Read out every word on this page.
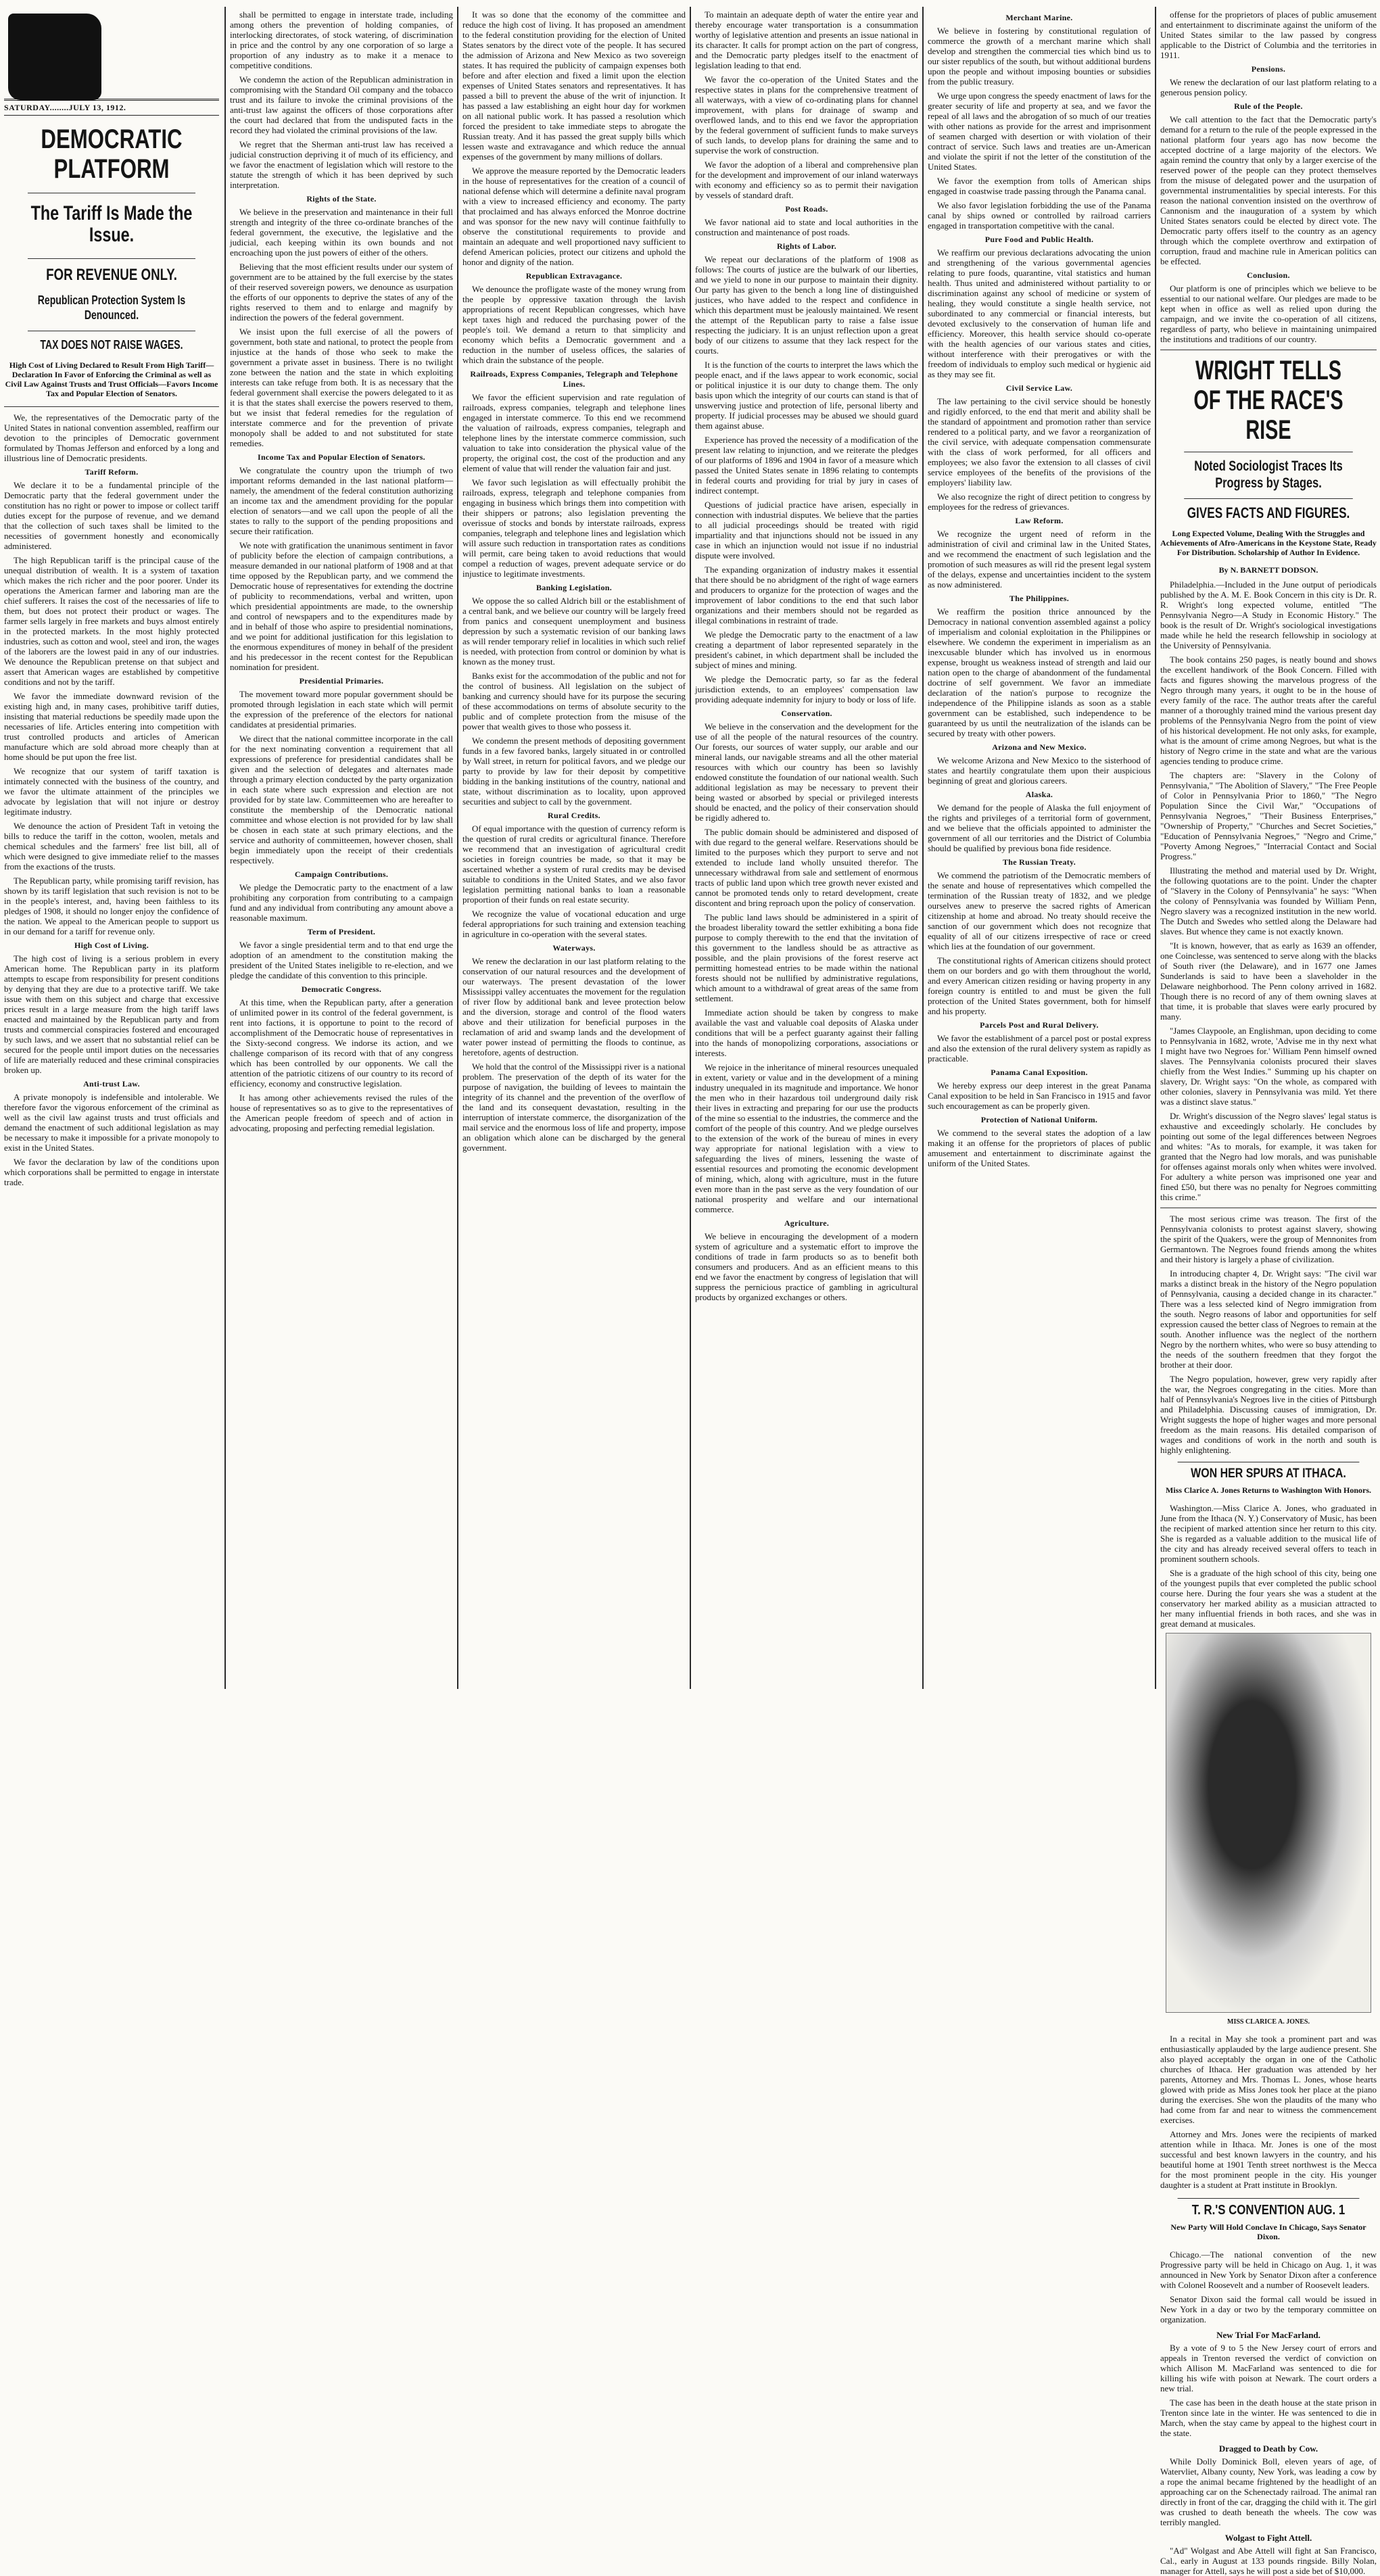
SATURDAY........JULY 13, 1912.

DEMOCRATIC
PLATFORM
The Tariff Is Made the Issue.
FOR REVENUE ONLY.
Republican Protection System Is Denounced.
TAX DOES NOT RAISE WAGES.

High Cost of Living Declared to Result From High Tariff—Declaration In Favor of Enforcing the Criminal as well as Civil Law Against Trusts and Trust Officials—Favors Income Tax and Popular Election of Senators.

We, the representatives of the Democratic party of the United States in national convention assembled, reaffirm our devotion to the principles of Democratic government formulated by Thomas Jefferson and enforced by a long and illustrious line of Democratic presidents.

Tariff Reform.

We declare it to be a fundamental principle of the Democratic party that the federal government under the constitution has no right or power to impose or collect tariff duties except for the purpose of revenue, and we demand that the collection of such taxes shall be limited to the necessities of government honestly and economically administered.

The high Republican tariff is the principal cause of the unequal distribution of wealth. It is a system of taxation which makes the rich richer and the poor poorer. Under its operations the American farmer and laboring man are the chief sufferers. It raises the cost of the necessaries of life to them, but does not protect their product or wages. The farmer sells largely in free markets and buys almost entirely in the protected markets. In the most highly protected industries, such as cotton and wool, steel and iron, the wages of the laborers are the lowest paid in any of our industries. We denounce the Republican pretense on that subject and assert that American wages are established by competitive conditions and not by the tariff.

We favor the immediate downward revision of the existing high and, in many cases, prohibitive tariff duties, insisting that material reductions be speedily made upon the necessaries of life. Articles entering into competition with trust controlled products and articles of American manufacture which are sold abroad more cheaply than at home should be put upon the free list.

We recognize that our system of tariff taxation is intimately connected with the business of the country, and we favor the ultimate attainment of the principles we advocate by legislation that will not injure or destroy legitimate industry.

We denounce the action of President Taft in vetoing the bills to reduce the tariff in the cotton, woolen, metals and chemical schedules and the farmers' free list bill, all of which were designed to give immediate relief to the masses from the exactions of the trusts.

The Republican party, while promising tariff revision, has shown by its tariff legislation that such revision is not to be in the people's interest, and, having been faithless to its pledges of 1908, it should no longer enjoy the confidence of the nation. We appeal to the American people to support us in our demand for a tariff for revenue only.

High Cost of Living.

The high cost of living is a serious problem in every American home. The Republican party in its platform attempts to escape from responsibility for present conditions by denying that they are due to a protective tariff. We take issue with them on this subject and charge that excessive prices result in a large measure from the high tariff laws enacted and maintained by the Republican party and from trusts and commercial conspiracies fostered and encouraged by such laws, and we assert that no substantial relief can be secured for the people until import duties on the necessaries of life are materially reduced and these criminal conspiracies broken up.

Anti-trust Law.

A private monopoly is indefensible and intolerable. We therefore favor the vigorous enforcement of the criminal as well as the civil law against trusts and trust officials and demand the enactment of such additional legislation as may be necessary to make it impossible for a private monopoly to exist in the United States.

We favor the declaration by law of the conditions upon which corporations shall be permitted to engage in interstate trade.

shall be permitted to engage in interstate trade, including among others the prevention of holding companies, of interlocking directorates, of stock watering, of discrimination in price and the control by any one corporation of so large a proportion of any industry as to make it a menace to competitive conditions.

We condemn the action of the Republican administration in compromising with the Standard Oil company and the tobacco trust and its failure to invoke the criminal provisions of the anti-trust law against the officers of those corporations after the court had declared that from the undisputed facts in the record they had violated the criminal provisions of the law.

We regret that the Sherman anti-trust law has received a judicial construction depriving it of much of its efficiency, and we favor the enactment of legislation which will restore to the statute the strength of which it has been deprived by such interpretation.

Rights of the State.

We believe in the preservation and maintenance in their full strength and integrity of the three co-ordinate branches of the federal government, the executive, the legislative and the judicial, each keeping within its own bounds and not encroaching upon the just powers of either of the others.

Believing that the most efficient results under our system of government are to be attained by the full exercise by the states of their reserved sovereign powers, we denounce as usurpation the efforts of our opponents to deprive the states of any of the rights reserved to them and to enlarge and magnify by indirection the powers of the federal government.

We insist upon the full exercise of all the powers of government, both state and national, to protect the people from injustice at the hands of those who seek to make the government a private asset in business. There is no twilight zone between the nation and the state in which exploiting interests can take refuge from both. It is as necessary that the federal government shall exercise the powers delegated to it as it is that the states shall exercise the powers reserved to them, but we insist that federal remedies for the regulation of interstate commerce and for the prevention of private monopoly shall be added to and not substituted for state remedies.

Income Tax and Popular Election of Senators.

We congratulate the country upon the triumph of two important reforms demanded in the last national platform—namely, the amendment of the federal constitution authorizing an income tax and the amendment providing for the popular election of senators—and we call upon the people of all the states to rally to the support of the pending propositions and secure their ratification.

We note with gratification the unanimous sentiment in favor of publicity before the election of campaign contributions, a measure demanded in our national platform of 1908 and at that time opposed by the Republican party, and we commend the Democratic house of representatives for extending the doctrine of publicity to recommendations, verbal and written, upon which presidential appointments are made, to the ownership and control of newspapers and to the expenditures made by and in behalf of those who aspire to presidential nominations, and we point for additional justification for this legislation to the enormous expenditures of money in behalf of the president and his predecessor in the recent contest for the Republican nomination for president.

Presidential Primaries.

The movement toward more popular government should be promoted through legislation in each state which will permit the expression of the preference of the electors for national candidates at presidential primaries.

We direct that the national committee incorporate in the call for the next nominating convention a requirement that all expressions of preference for presidential candidates shall be given and the selection of delegates and alternates made through a primary election conducted by the party organization in each state where such expression and election are not provided for by state law. Committeemen who are hereafter to constitute the membership of the Democratic national committee and whose election is not provided for by law shall be chosen in each state at such primary elections, and the service and authority of committeemen, however chosen, shall begin immediately upon the receipt of their credentials respectively.

Campaign Contributions.

We pledge the Democratic party to the enactment of a law prohibiting any corporation from contributing to a campaign fund and any individual from contributing any amount above a reasonable maximum.

Term of President.

We favor a single presidential term and to that end urge the adoption of an amendment to the constitution making the president of the United States ineligible to re-election, and we pledge the candidate of this convention to this principle.

Democratic Congress.

At this time, when the Republican party, after a generation of unlimited power in its control of the federal government, is rent into factions, it is opportune to point to the record of accomplishment of the Democratic house of representatives in the Sixty-second congress. We indorse its action, and we challenge comparison of its record with that of any congress which has been controlled by our opponents. We call the attention of the patriotic citizens of our country to its record of efficiency, economy and constructive legislation.

It has among other achievements revised the rules of the house of representatives so as to give to the representatives of the American people freedom of speech and of action in advocating, proposing and perfecting remedial legislation.

It was so done that the economy of the committee and reduce the high cost of living. It has proposed an amendment to the federal constitution providing for the election of United States senators by the direct vote of the people. It has secured the admission of Arizona and New Mexico as two sovereign states. It has required the publicity of campaign expenses both before and after election and fixed a limit upon the election expenses of United States senators and representatives. It has passed a bill to prevent the abuse of the writ of injunction. It has passed a law establishing an eight hour day for workmen on all national public work. It has passed a resolution which forced the president to take immediate steps to abrogate the Russian treaty. And it has passed the great supply bills which lessen waste and extravagance and which reduce the annual expenses of the government by many millions of dollars.

We approve the measure reported by the Democratic leaders in the house of representatives for the creation of a council of national defense which will determine a definite naval program with a view to increased efficiency and economy. The party that proclaimed and has always enforced the Monroe doctrine and was sponsor for the new navy will continue faithfully to observe the constitutional requirements to provide and maintain an adequate and well proportioned navy sufficient to defend American policies, protect our citizens and uphold the honor and dignity of the nation.

Republican Extravagance.

We denounce the profligate waste of the money wrung from the people by oppressive taxation through the lavish appropriations of recent Republican congresses, which have kept taxes high and reduced the purchasing power of the people's toil. We demand a return to that simplicity and economy which befits a Democratic government and a reduction in the number of useless offices, the salaries of which drain the substance of the people.

Railroads, Express Companies, Telegraph and Telephone Lines.

We favor the efficient supervision and rate regulation of railroads, express companies, telegraph and telephone lines engaged in interstate commerce. To this end we recommend the valuation of railroads, express companies, telegraph and telephone lines by the interstate commerce commission, such valuation to take into consideration the physical value of the property, the original cost, the cost of the production and any element of value that will render the valuation fair and just.

We favor such legislation as will effectually prohibit the railroads, express, telegraph and telephone companies from engaging in business which brings them into competition with their shippers or patrons; also legislation preventing the overissue of stocks and bonds by interstate railroads, express companies, telegraph and telephone lines and legislation which will assure such reduction in transportation rates as conditions will permit, care being taken to avoid reductions that would compel a reduction of wages, prevent adequate service or do injustice to legitimate investments.

Banking Legislation.

We oppose the so called Aldrich bill or the establishment of a central bank, and we believe our country will be largely freed from panics and consequent unemployment and business depression by such a systematic revision of our banking laws as will render temporary relief in localities in which such relief is needed, with protection from control or dominion by what is known as the money trust.

Banks exist for the accommodation of the public and not for the control of business. All legislation on the subject of banking and currency should have for its purpose the securing of these accommodations on terms of absolute security to the public and of complete protection from the misuse of the power that wealth gives to those who possess it.

We condemn the present methods of depositing government funds in a few favored banks, largely situated in or controlled by Wall street, in return for political favors, and we pledge our party to provide by law for their deposit by competitive bidding in the banking institutions of the country, national and state, without discrimination as to locality, upon approved securities and subject to call by the government.

Rural Credits.

Of equal importance with the question of currency reform is the question of rural credits or agricultural finance. Therefore we recommend that an investigation of agricultural credit societies in foreign countries be made, so that it may be ascertained whether a system of rural credits may be devised suitable to conditions in the United States, and we also favor legislation permitting national banks to loan a reasonable proportion of their funds on real estate security.

We recognize the value of vocational education and urge federal appropriations for such training and extension teaching in agriculture in co-operation with the several states.

Waterways.

We renew the declaration in our last platform relating to the conservation of our natural resources and the development of our waterways. The present devastation of the lower Mississippi valley accentuates the movement for the regulation of river flow by additional bank and levee protection below and the diversion, storage and control of the flood waters above and their utilization for beneficial purposes in the reclamation of arid and swamp lands and the development of water power instead of permitting the floods to continue, as heretofore, agents of destruction.

We hold that the control of the Mississippi river is a national problem. The preservation of the depth of its water for the purpose of navigation, the building of levees to maintain the integrity of its channel and the prevention of the overflow of the land and its consequent devastation, resulting in the interruption of interstate commerce, the disorganization of the mail service and the enormous loss of life and property, impose an obligation which alone can be discharged by the general government.

To maintain an adequate depth of water the entire year and thereby encourage water transportation is a consummation worthy of legislative attention and presents an issue national in its character. It calls for prompt action on the part of congress, and the Democratic party pledges itself to the enactment of legislation leading to that end.

We favor the co-operation of the United States and the respective states in plans for the comprehensive treatment of all waterways, with a view of co-ordinating plans for channel improvement, with plans for drainage of swamp and overflowed lands, and to this end we favor the appropriation by the federal government of sufficient funds to make surveys of such lands, to develop plans for draining the same and to supervise the work of construction.

We favor the adoption of a liberal and comprehensive plan for the development and improvement of our inland waterways with economy and efficiency so as to permit their navigation by vessels of standard draft.

Post Roads.

We favor national aid to state and local authorities in the construction and maintenance of post roads.

Rights of Labor.

We repeat our declarations of the platform of 1908 as follows: The courts of justice are the bulwark of our liberties, and we yield to none in our purpose to maintain their dignity. Our party has given to the bench a long line of distinguished justices, who have added to the respect and confidence in which this department must be jealously maintained. We resent the attempt of the Republican party to raise a false issue respecting the judiciary. It is an unjust reflection upon a great body of our citizens to assume that they lack respect for the courts.

It is the function of the courts to interpret the laws which the people enact, and if the laws appear to work economic, social or political injustice it is our duty to change them. The only basis upon which the integrity of our courts can stand is that of unswerving justice and protection of life, personal liberty and property. If judicial processes may be abused we should guard them against abuse.

Experience has proved the necessity of a modification of the present law relating to injunction, and we reiterate the pledges of our platforms of 1896 and 1904 in favor of a measure which passed the United States senate in 1896 relating to contempts in federal courts and providing for trial by jury in cases of indirect contempt.

Questions of judicial practice have arisen, especially in connection with industrial disputes. We believe that the parties to all judicial proceedings should be treated with rigid impartiality and that injunctions should not be issued in any case in which an injunction would not issue if no industrial dispute were involved.

The expanding organization of industry makes it essential that there should be no abridgment of the right of wage earners and producers to organize for the protection of wages and the improvement of labor conditions to the end that such labor organizations and their members should not be regarded as illegal combinations in restraint of trade.

We pledge the Democratic party to the enactment of a law creating a department of labor represented separately in the president's cabinet, in which department shall be included the subject of mines and mining.

We pledge the Democratic party, so far as the federal jurisdiction extends, to an employees' compensation law providing adequate indemnity for injury to body or loss of life.

Conservation.

We believe in the conservation and the development for the use of all the people of the natural resources of the country. Our forests, our sources of water supply, our arable and our mineral lands, our navigable streams and all the other material resources with which our country has been so lavishly endowed constitute the foundation of our national wealth. Such additional legislation as may be necessary to prevent their being wasted or absorbed by special or privileged interests should be enacted, and the policy of their conservation should be rigidly adhered to.

The public domain should be administered and disposed of with due regard to the general welfare. Reservations should be limited to the purposes which they purport to serve and not extended to include land wholly unsuited therefor. The unnecessary withdrawal from sale and settlement of enormous tracts of public land upon which tree growth never existed and cannot be promoted tends only to retard development, create discontent and bring reproach upon the policy of conservation.

The public land laws should be administered in a spirit of the broadest liberality toward the settler exhibiting a bona fide purpose to comply therewith to the end that the invitation of this government to the landless should be as attractive as possible, and the plain provisions of the forest reserve act permitting homestead entries to be made within the national forests should not be nullified by administrative regulations, which amount to a withdrawal of great areas of the same from settlement.

Immediate action should be taken by congress to make available the vast and valuable coal deposits of Alaska under conditions that will be a perfect guaranty against their falling into the hands of monopolizing corporations, associations or interests.

We rejoice in the inheritance of mineral resources unequaled in extent, variety or value and in the development of a mining industry unequaled in its magnitude and importance. We honor the men who in their hazardous toil underground daily risk their lives in extracting and preparing for our use the products of the mine so essential to the industries, the commerce and the comfort of the people of this country. And we pledge ourselves to the extension of the work of the bureau of mines in every way appropriate for national legislation with a view to safeguarding the lives of miners, lessening the waste of essential resources and promoting the economic development of mining, which, along with agriculture, must in the future even more than in the past serve as the very foundation of our national prosperity and welfare and our international commerce.

Agriculture.

We believe in encouraging the development of a modern system of agriculture and a systematic effort to improve the conditions of trade in farm products so as to benefit both consumers and producers. And as an efficient means to this end we favor the enactment by congress of legislation that will suppress the pernicious practice of gambling in agricultural products by organized exchanges or others.

Merchant Marine.

We believe in fostering by constitutional regulation of commerce the growth of a merchant marine which shall develop and strengthen the commercial ties which bind us to our sister republics of the south, but without additional burdens upon the people and without imposing bounties or subsidies from the public treasury.

We urge upon congress the speedy enactment of laws for the greater security of life and property at sea, and we favor the repeal of all laws and the abrogation of so much of our treaties with other nations as provide for the arrest and imprisonment of seamen charged with desertion or with violation of their contract of service. Such laws and treaties are un-American and violate the spirit if not the letter of the constitution of the United States.

We favor the exemption from tolls of American ships engaged in coastwise trade passing through the Panama canal.

We also favor legislation forbidding the use of the Panama canal by ships owned or controlled by railroad carriers engaged in transportation competitive with the canal.

Pure Food and Public Health.

We reaffirm our previous declarations advocating the union and strengthening of the various governmental agencies relating to pure foods, quarantine, vital statistics and human health. Thus united and administered without partiality to or discrimination against any school of medicine or system of healing, they would constitute a single health service, not subordinated to any commercial or financial interests, but devoted exclusively to the conservation of human life and efficiency. Moreover, this health service should co-operate with the health agencies of our various states and cities, without interference with their prerogatives or with the freedom of individuals to employ such medical or hygienic aid as they may see fit.

Civil Service Law.

The law pertaining to the civil service should be honestly and rigidly enforced, to the end that merit and ability shall be the standard of appointment and promotion rather than service rendered to a political party, and we favor a reorganization of the civil service, with adequate compensation commensurate with the class of work performed, for all officers and employees; we also favor the extension to all classes of civil service employees of the benefits of the provisions of the employers' liability law.

We also recognize the right of direct petition to congress by employees for the redress of grievances.

Law Reform.

We recognize the urgent need of reform in the administration of civil and criminal law in the United States, and we recommend the enactment of such legislation and the promotion of such measures as will rid the present legal system of the delays, expense and uncertainties incident to the system as now administered.

The Philippines.

We reaffirm the position thrice announced by the Democracy in national convention assembled against a policy of imperialism and colonial exploitation in the Philippines or elsewhere. We condemn the experiment in imperialism as an inexcusable blunder which has involved us in enormous expense, brought us weakness instead of strength and laid our nation open to the charge of abandonment of the fundamental doctrine of self government. We favor an immediate declaration of the nation's purpose to recognize the independence of the Philippine islands as soon as a stable government can be established, such independence to be guaranteed by us until the neutralization of the islands can be secured by treaty with other powers.

Arizona and New Mexico.

We welcome Arizona and New Mexico to the sisterhood of states and heartily congratulate them upon their auspicious beginning of great and glorious careers.

Alaska.

We demand for the people of Alaska the full enjoyment of the rights and privileges of a territorial form of government, and we believe that the officials appointed to administer the government of all our territories and the District of Columbia should be qualified by previous bona fide residence.

The Russian Treaty.

We commend the patriotism of the Democratic members of the senate and house of representatives which compelled the termination of the Russian treaty of 1832, and we pledge ourselves anew to preserve the sacred rights of American citizenship at home and abroad. No treaty should receive the sanction of our government which does not recognize that equality of all of our citizens irrespective of race or creed which lies at the foundation of our government.

The constitutional rights of American citizens should protect them on our borders and go with them throughout the world, and every American citizen residing or having property in any foreign country is entitled to and must be given the full protection of the United States government, both for himself and his property.

Parcels Post and Rural Delivery.

We favor the establishment of a parcel post or postal express and also the extension of the rural delivery system as rapidly as practicable.

Panama Canal Exposition.

We hereby express our deep interest in the great Panama Canal exposition to be held in San Francisco in 1915 and favor such encouragement as can be properly given.

Protection of National Uniform.

We commend to the several states the adoption of a law making it an offense for the proprietors of places of public amusement and entertainment to discriminate against the uniform of the United States.

offense for the proprietors of places of public amusement and entertainment to discriminate against the uniform of the United States similar to the law passed by congress applicable to the District of Columbia and the territories in 1911.

Pensions.

We renew the declaration of our last platform relating to a generous pension policy.

Rule of the People.

We call attention to the fact that the Democratic party's demand for a return to the rule of the people expressed in the national platform four years ago has now become the accepted doctrine of a large majority of the electors. We again remind the country that only by a larger exercise of the reserved power of the people can they protect themselves from the misuse of delegated power and the usurpation of governmental instrumentalities by special interests. For this reason the national convention insisted on the overthrow of Cannonism and the inauguration of a system by which United States senators could be elected by direct vote. The Democratic party offers itself to the country as an agency through which the complete overthrow and extirpation of corruption, fraud and machine rule in American politics can be effected.

Conclusion.

Our platform is one of principles which we believe to be essential to our national welfare. Our pledges are made to be kept when in office as well as relied upon during the campaign, and we invite the co-operation of all citizens, regardless of party, who believe in maintaining unimpaired the institutions and traditions of our country.

WRIGHT TELLS OF THE RACE'S RISE
Noted Sociologist Traces Its Progress by Stages.
GIVES FACTS AND FIGURES.

Long Expected Volume, Dealing With the Struggles and Achievements of Afro-Americans in the Keystone State, Ready For Distribution. Scholarship of Author In Evidence.

By N. BARNETT DODSON.

Philadelphia.—Included in the June output of periodicals published by the A. M. E. Book Concern in this city is Dr. R. R. Wright's long expected volume, entitled "The Pennsylvania Negro—A Study in Economic History." The book is the result of Dr. Wright's sociological investigations made while he held the research fellowship in sociology at the University of Pennsylvania.

The book contains 250 pages, is neatly bound and shows the excellent handiwork of the Book Concern. Filled with facts and figures showing the marvelous progress of the Negro through many years, it ought to be in the house of every family of the race. The author treats after the careful manner of a thoroughly trained mind the various present day problems of the Pennsylvania Negro from the point of view of his historical development. He not only asks, for example, what is the amount of crime among Negroes, but what is the history of Negro crime in the state and what are the various agencies tending to produce crime.

The chapters are: "Slavery in the Colony of Pennsylvania," "The Abolition of Slavery," "The Free People of Color in Pennsylvania Prior to 1860," "The Negro Population Since the Civil War," "Occupations of Pennsylvania Negroes," "Their Business Enterprises," "Ownership of Property," "Churches and Secret Societies," "Education of Pennsylvania Negroes," "Negro and Crime," "Poverty Among Negroes," "Interracial Contact and Social Progress."

Illustrating the method and material used by Dr. Wright, the following quotations are to the point. Under the chapter of "Slavery in the Colony of Pennsylvania" he says: "When the colony of Pennsylvania was founded by William Penn, Negro slavery was a recognized institution in the new world. The Dutch and Swedes who settled along the Delaware had slaves. But whence they came is not exactly known.

"It is known, however, that as early as 1639 an offender, one Coinclesse, was sentenced to serve along with the blacks of South river (the Delaware), and in 1677 one James Sunderlands is said to have been a slaveholder in the Delaware neighborhood. The Penn colony arrived in 1682. Though there is no record of any of them owning slaves at that time, it is probable that slaves were early procured by many.

"James Claypoole, an Englishman, upon deciding to come to Pennsylvania in 1682, wrote, 'Advise me in thy next what I might have two Negroes for.' William Penn himself owned slaves. The Pennsylvania colonists procured their slaves chiefly from the West Indies." Summing up his chapter on slavery, Dr. Wright says: "On the whole, as compared with other colonies, slavery in Pennsylvania was mild. Yet there was a distinct slave status."

Dr. Wright's discussion of the Negro slaves' legal status is exhaustive and exceedingly scholarly. He concludes by pointing out some of the legal differences between Negroes and whites: "As to morals, for example, it was taken for granted that the Negro had low morals, and was punishable for offenses against morals only when whites were involved. For adultery a white person was imprisoned one year and fined £50, but there was no penalty for Negroes committing this crime."

The most serious crime was treason. The first of the Pennsylvania colonists to protest against slavery, showing the spirit of the Quakers, were the group of Mennonites from Germantown. The Negroes found friends among the whites and their history is largely a phase of civilization.

In introducing chapter 4, Dr. Wright says: "The civil war marks a distinct break in the history of the Negro population of Pennsylvania, causing a decided change in its character." There was a less selected kind of Negro immigration from the south. Negro reasons of labor and opportunities for self expression caused the better class of Negroes to remain at the south. Another influence was the neglect of the northern Negro by the northern whites, who were so busy attending to the needs of the southern freedmen that they forgot the brother at their door.

The Negro population, however, grew very rapidly after the war, the Negroes congregating in the cities. More than half of Pennsylvania's Negroes live in the cities of Pittsburgh and Philadelphia. Discussing causes of immigration, Dr. Wright suggests the hope of higher wages and more personal freedom as the main reasons. His detailed comparison of wages and conditions of work in the north and south is highly enlightening.

WON HER SPURS AT ITHACA.

Miss Clarice A. Jones Returns to Washington With Honors.

Washington.—Miss Clarice A. Jones, who graduated in June from the Ithaca (N. Y.) Conservatory of Music, has been the recipient of marked attention since her return to this city. She is regarded as a valuable addition to the musical life of the city and has already received several offers to teach in prominent southern schools.

She is a graduate of the high school of this city, being one of the youngest pupils that ever completed the public school course here. During the four years she was a student at the conservatory her marked ability as a musician attracted to her many influential friends in both races, and she was in great demand at musicales.

MISS CLARICE A. JONES.

In a recital in May she took a prominent part and was enthusiastically applauded by the large audience present. She also played acceptably the organ in one of the Catholic churches of Ithaca. Her graduation was attended by her parents, Attorney and Mrs. Thomas L. Jones, whose hearts glowed with pride as Miss Jones took her place at the piano during the exercises. She won the plaudits of the many who had come from far and near to witness the commencement exercises.

Attorney and Mrs. Jones were the recipients of marked attention while in Ithaca. Mr. Jones is one of the most successful and best known lawyers in the country, and his beautiful home at 1901 Tenth street northwest is the Mecca for the most prominent people in the city. His younger daughter is a student at Pratt institute in Brooklyn.

T. R.'S CONVENTION AUG. 1

New Party Will Hold Conclave In Chicago, Says Senator Dixon.

Chicago.—The national convention of the new Progressive party will be held in Chicago on Aug. 1, it was announced in New York by Senator Dixon after a conference with Colonel Roosevelt and a number of Roosevelt leaders.

Senator Dixon said the formal call would be issued in New York in a day or two by the temporary committee on organization.

New Trial For MacFarland.

By a vote of 9 to 5 the New Jersey court of errors and appeals in Trenton reversed the verdict of conviction on which Allison M. MacFarland was sentenced to die for killing his wife with poison at Newark. The court orders a new trial.

The case has been in the death house at the state prison in Trenton since late in the winter. He was sentenced to die in March, when the stay came by appeal to the highest court in the state.

Dragged to Death by Cow.

While Dolly Dominick Boll, eleven years of age, of Watervliet, Albany county, New York, was leading a cow by a rope the animal became frightened by the headlight of an approaching car on the Schenectady railroad. The animal ran directly in front of the car, dragging the child with it. The girl was crushed to death beneath the wheels. The cow was terribly mangled.

Wolgast to Fight Attell.

"Ad" Wolgast and Abe Attell will fight at San Francisco, Cal., early in August at 133 pounds ringside. Billy Nolan, manager for Attell, says he will post a side bet of $10,000.
